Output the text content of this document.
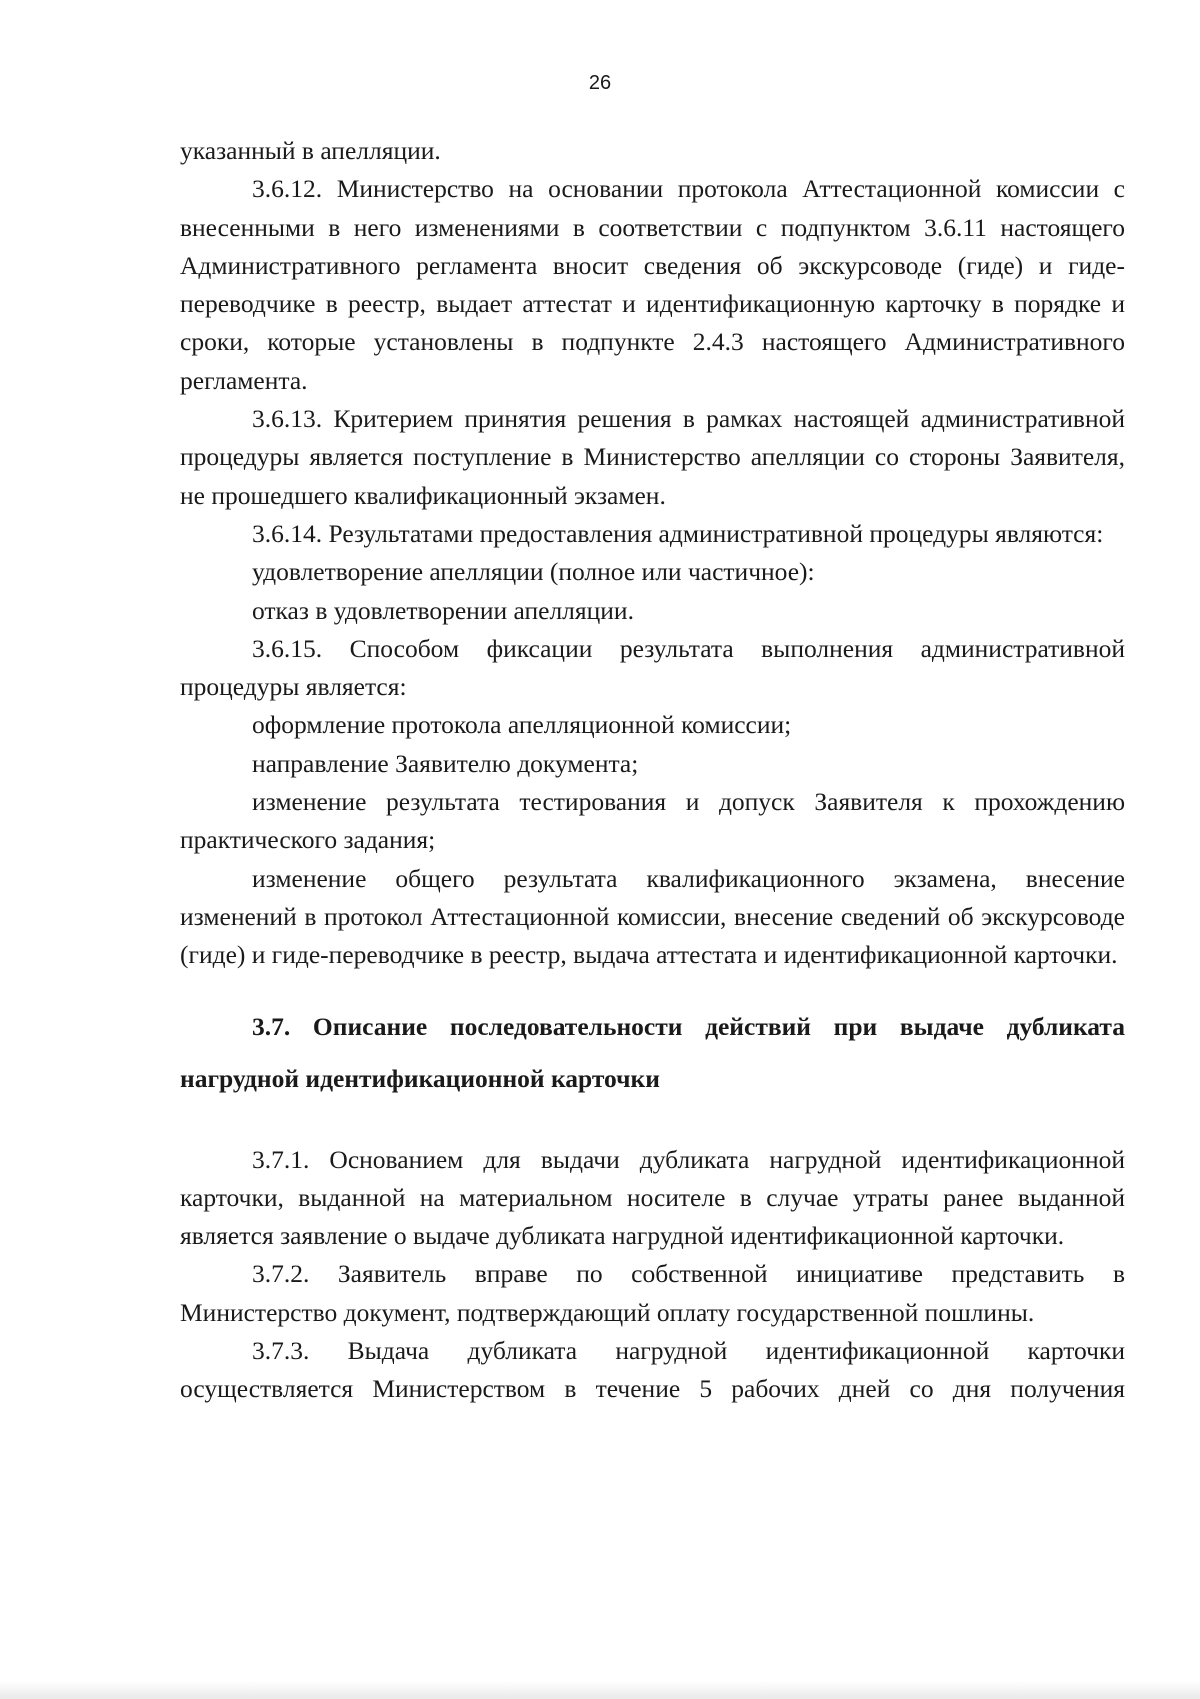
26

указанный в апелляции.

3.6.12. Министерство на основании протокола Аттестационной комиссии с внесенными в него изменениями в соответствии с подпунктом 3.6.11 настоящего Административного регламента вносит сведения об экскурсоводе (гиде) и гиде-переводчике в реестр, выдает аттестат и идентификационную карточку в порядке и сроки, которые установлены в подпункте 2.4.3 настоящего Административного регламента.

3.6.13. Критерием принятия решения в рамках настоящей административной процедуры является поступление в Министерство апелляции со стороны Заявителя, не прошедшего квалификационный экзамен.

3.6.14. Результатами предоставления административной процедуры являются:

удовлетворение апелляции (полное или частичное):

отказ в удовлетворении апелляции.

3.6.15. Способом фиксации результата выполнения административной процедуры является:

оформление протокола апелляционной комиссии;

направление Заявителю документа;

изменение результата тестирования и допуск Заявителя к прохождению практического задания;

изменение общего результата квалификационного экзамена, внесение изменений в протокол Аттестационной комиссии, внесение сведений об экскурсоводе (гиде) и гиде-переводчике в реестр, выдача аттестата и идентификационной карточки.

3.7. Описание последовательности действий при выдаче дубликата нагрудной идентификационной карточки

3.7.1. Основанием для выдачи дубликата нагрудной идентификационной карточки, выданной на материальном носителе в случае утраты ранее выданной является заявление о выдаче дубликата нагрудной идентификационной карточки.

3.7.2. Заявитель вправе по собственной инициативе представить в Министерство документ, подтверждающий оплату государственной пошлины.

3.7.3. Выдача дубликата нагрудной идентификационной карточки осуществляется Министерством в течение 5 рабочих дней со дня получения
